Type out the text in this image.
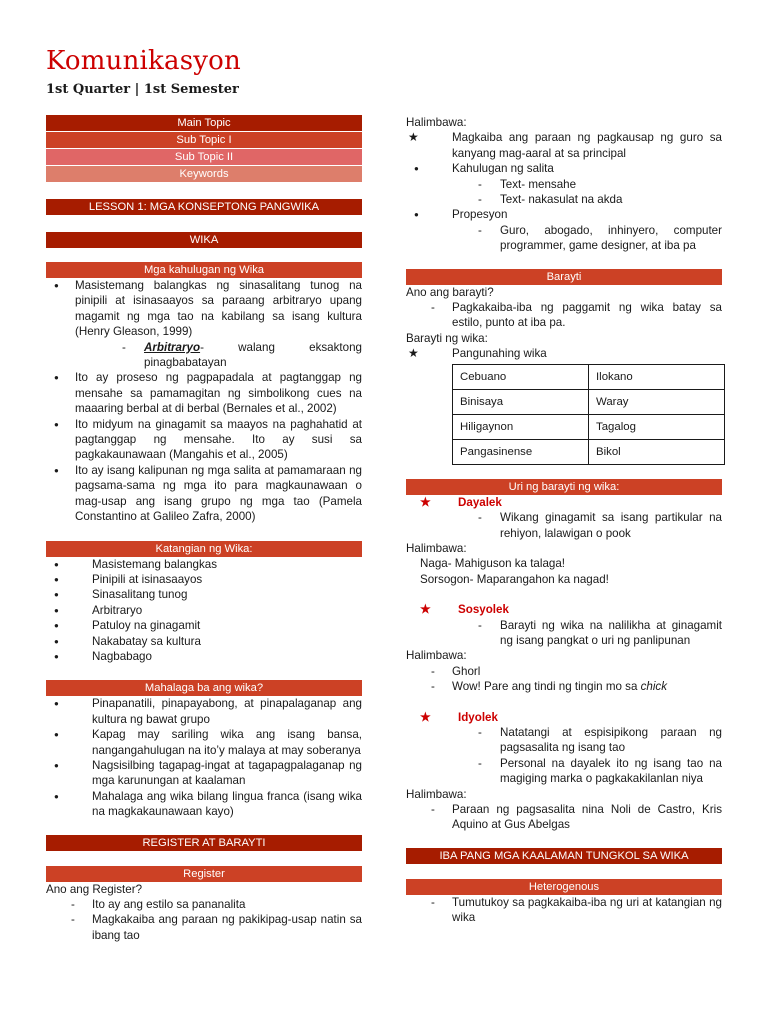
Komunikasyon
1st Quarter | 1st Semester
Main Topic
Sub Topic I
Sub Topic II
Keywords
LESSON 1: MGA KONSEPTONG PANGWIKA
WIKA
Mga kahulugan ng Wika
● Masistemang balangkas ng sinasalitang tunog na pinipili at isinasaayos sa paraang arbitraryo upang magamit ng mga tao na kabilang sa isang kultura (Henry Gleason, 1999)
- Arbitraryo- walang eksaktong pinagbabatayan
● Ito ay proseso ng pagpapadala at pagtanggap ng mensahe sa pamamagitan ng simbolikong cues na maaaring berbal at di berbal (Bernales et al., 2002)
● Ito midyum na ginagamit sa maayos na paghahatid at pagtanggap ng mensahe. Ito ay susi sa pagkakaunawaan (Mangahis et al., 2005)
● Ito ay isang kalipunan ng mga salita at pamamaraan ng pagsama-sama ng mga ito para magkaunawaan o mag-usap ang isang grupo ng mga tao (Pamela Constantino at Galileo Zafra, 2000)
Katangian ng Wika:
● Masistemang balangkas
● Pinipili at isinasaayos
● Sinasalitang tunog
● Arbitraryo
● Patuloy na ginagamit
● Nakabatay sa kultura
● Nagbabago
Mahalaga ba ang wika?
● Pinapanatili, pinapayabong, at pinapalaganap ang kultura ng bawat grupo
● Kapag may sariling wika ang isang bansa, nangangahulugan na ito’y malaya at may soberanya
● Nagsisilbing tagapag-ingat at tagapagpalaganap ng mga karunungan at kaalaman
● Mahalaga ang wika bilang lingua franca (isang wika na magkakaunawaan kayo)
REGISTER AT BARAYTI
Register
Ano ang Register?
- Ito ay ang estilo sa pananalita
- Magkakaiba ang paraan ng pakikipag-usap natin sa ibang tao
Halimbawa:
★ Magkaiba ang paraan ng pagkausap ng guro sa kanyang mag-aaral at sa principal
● Kahulugan ng salita
- Text- mensahe
- Text- nakasulat na akda
● Propesyon
- Guro, abogado, inhinyero, computer programmer, game designer, at iba pa
Barayti
Ano ang barayti?
- Pagkakaiba-iba ng paggamit ng wika batay sa estilo, punto at iba pa.
Barayti ng wika:
★ Pangunahing wika
Cebuano	Ilokano
Binisaya	Waray
Hiligaynon	Tagalog
Pangasinense	Bikol
Uri ng barayti ng wika:
★ Dayalek
- Wikang ginagamit sa isang partikular na rehiyon, lalawigan o pook
Halimbawa:
Naga- Mahiguson ka talaga!
Sorsogon- Maparangahon ka nagad!
★ Sosyolek
- Barayti ng wika na nalilikha at ginagamit ng isang pangkat o uri ng panlipunan
Halimbawa:
- Ghorl
- Wow! Pare ang tindi ng tingin mo sa chick
★ Idyolek
- Natatangi at espisipikong paraan ng pagsasalita ng isang tao
- Personal na dayalek ito ng isang tao na magiging marka o pagkakakilanlan niya
Halimbawa:
- Paraan ng pagsasalita nina Noli de Castro, Kris Aquino at Gus Abelgas
IBA PANG MGA KAALAMAN TUNGKOL SA WIKA
Heterogenous
- Tumutukoy sa pagkakaiba-iba ng uri at katangian ng wika
